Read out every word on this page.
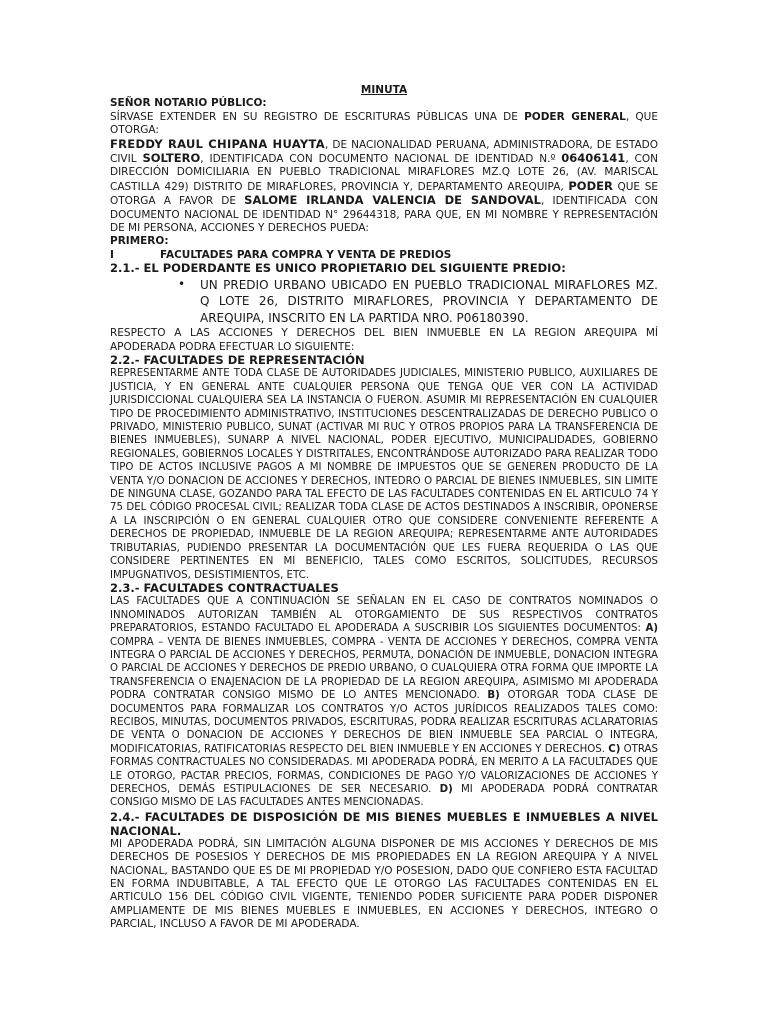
MINUTA

SEÑOR NOTARIO PÚBLICO:

SÍRVASE EXTENDER EN SU REGISTRO DE ESCRITURAS PÚBLICAS UNA DE PODER GENERAL, QUE OTORGA:

FREDDY RAUL CHIPANA HUAYTA, DE NACIONALIDAD PERUANA, ADMINISTRADORA, DE ESTADO CIVIL SOLTERO, IDENTIFICADA CON DOCUMENTO NACIONAL DE IDENTIDAD N.º 06406141, CON DIRECCIÓN DOMICILIARIA EN PUEBLO TRADICIONAL MIRAFLORES MZ.Q LOTE 26, (AV. MARISCAL CASTILLA 429) DISTRITO DE MIRAFLORES, PROVINCIA Y, DEPARTAMENTO AREQUIPA, PODER QUE SE OTORGA A FAVOR DE SALOME IRLANDA VALENCIA DE SANDOVAL, IDENTIFICADA CON DOCUMENTO NACIONAL DE IDENTIDAD N° 29644318, PARA QUE, EN MI NOMBRE Y REPRESENTACIÓN DE MI PERSONA, ACCIONES Y DERECHOS PUEDA:

PRIMERO:

I	FACULTADES PARA COMPRA Y VENTA DE PREDIOS

2.1.- EL PODERDANTE ES UNICO PROPIETARIO DEL SIGUIENTE PREDIO:

•	UN PREDIO URBANO UBICADO EN PUEBLO TRADICIONAL MIRAFLORES MZ. Q LOTE 26, DISTRITO MIRAFLORES, PROVINCIA Y DEPARTAMENTO DE AREQUIPA, INSCRITO EN LA PARTIDA NRO. P06180390.

RESPECTO A LAS ACCIONES Y DERECHOS DEL BIEN INMUEBLE EN LA REGION AREQUIPA MÍ APODERADA PODRA EFECTUAR LO SIGUIENTE:

2.2.- FACULTADES DE REPRESENTACIÓN

REPRESENTARME ANTE TODA CLASE DE AUTORIDADES JUDICIALES, MINISTERIO PUBLICO, AUXILIARES DE JUSTICIA, Y EN GENERAL ANTE CUALQUIER PERSONA QUE TENGA QUE VER CON LA ACTIVIDAD JURISDICCIONAL CUALQUIERA SEA LA INSTANCIA O FUERON. ASUMIR MI REPRESENTACIÓN EN CUALQUIER TIPO DE PROCEDIMIENTO ADMINISTRATIVO, INSTITUCIONES DESCENTRALIZADAS DE DERECHO PUBLICO O PRIVADO, MINISTERIO PUBLICO, SUNAT (ACTIVAR MI RUC Y OTROS PROPIOS PARA LA TRANSFERENCIA DE BIENES INMUEBLES), SUNARP A NIVEL NACIONAL, PODER EJECUTIVO, MUNICIPALIDADES, GOBIERNO REGIONALES, GOBIERNOS LOCALES Y DISTRITALES, ENCONTRÁNDOSE AUTORIZADO PARA REALIZAR TODO TIPO DE ACTOS INCLUSIVE PAGOS A MI NOMBRE DE IMPUESTOS QUE SE GENEREN PRODUCTO DE LA VENTA Y/O DONACION DE ACCIONES Y DERECHOS, INTEDRO O PARCIAL DE BIENES INMUEBLES, SIN LIMITE DE NINGUNA CLASE, GOZANDO PARA TAL EFECTO DE LAS FACULTADES CONTENIDAS EN EL ARTICULO 74 Y 75 DEL CÓDIGO PROCESAL CIVIL; REALIZAR TODA CLASE DE ACTOS DESTINADOS A INSCRIBIR, OPONERSE A LA INSCRIPCIÓN O EN GENERAL CUALQUIER OTRO QUE CONSIDERE CONVENIENTE REFERENTE A DERECHOS DE PROPIEDAD, INMUEBLE DE LA REGION AREQUIPA; REPRESENTARME ANTE AUTORIDADES TRIBUTARIAS, PUDIENDO PRESENTAR LA DOCUMENTACIÓN QUE LES FUERA REQUERIDA O LAS QUE CONSIDERE PERTINENTES EN MI BENEFICIO, TALES COMO ESCRITOS, SOLICITUDES, RECURSOS IMPUGNATIVOS, DESISTIMIENTOS, ETC.

2.3.- FACULTADES CONTRACTUALES

LAS FACULTADES QUE A CONTINUACIÓN SE SEÑALAN EN EL CASO DE CONTRATOS NOMINADOS O INNOMINADOS AUTORIZAN TAMBIÉN AL OTORGAMIENTO DE SUS RESPECTIVOS CONTRATOS PREPARATORIOS, ESTANDO FACULTADO EL APODERADA A SUSCRIBIR LOS SIGUIENTES DOCUMENTOS: A) COMPRA – VENTA DE BIENES INMUEBLES, COMPRA - VENTA DE ACCIONES Y DERECHOS, COMPRA VENTA INTEGRA O PARCIAL DE ACCIONES Y DERECHOS, PERMUTA, DONACIÓN DE INMUEBLE, DONACION INTEGRA O PARCIAL DE ACCIONES Y DERECHOS DE PREDIO URBANO, O CUALQUIERA OTRA FORMA QUE IMPORTE LA TRANSFERENCIA O ENAJENACION DE LA PROPIEDAD DE LA REGION AREQUIPA, ASIMISMO MI APODERADA PODRA CONTRATAR CONSIGO MISMO DE LO ANTES MENCIONADO. B) OTORGAR TODA CLASE DE DOCUMENTOS PARA FORMALIZAR LOS CONTRATOS Y/O ACTOS JURÍDICOS REALIZADOS TALES COMO: RECIBOS, MINUTAS, DOCUMENTOS PRIVADOS, ESCRITURAS, PODRA REALIZAR ESCRITURAS ACLARATORIAS DE VENTA O DONACION DE ACCIONES Y DERECHOS DE BIEN INMUEBLE SEA PARCIAL O INTEGRA, MODIFICATORIAS, RATIFICATORIAS RESPECTO DEL BIEN INMUEBLE Y EN ACCIONES Y DERECHOS. C) OTRAS FORMAS CONTRACTUALES NO CONSIDERADAS. MI APODERADA PODRÁ, EN MERITO A LA FACULTADES QUE LE OTORGO, PACTAR PRECIOS, FORMAS, CONDICIONES DE PAGO Y/O VALORIZACIONES DE ACCIONES Y DERECHOS, DEMÁS ESTIPULACIONES DE SER NECESARIO. D) MI APODERADA PODRÁ CONTRATAR CONSIGO MISMO DE LAS FACULTADES ANTES MENCIONADAS.

2.4.- FACULTADES DE DISPOSICIÓN DE MIS BIENES MUEBLES E INMUEBLES A NIVEL NACIONAL.

MI APODERADA PODRÁ, SIN LIMITACIÓN ALGUNA DISPONER DE MIS ACCIONES Y DERECHOS DE MIS DERECHOS DE POSESIOS Y DERECHOS DE MIS PROPIEDADES EN LA REGION AREQUIPA Y A NIVEL NACIONAL, BASTANDO QUE ES DE MI PROPIEDAD Y/O POSESION, DADO QUE CONFIERO ESTA FACULTAD EN FORMA INDUBITABLE, A TAL EFECTO QUE LE OTORGO LAS FACULTADES CONTENIDAS EN EL ARTICULO 156 DEL CÓDIGO CIVIL VIGENTE, TENIENDO PODER SUFICIENTE PARA PODER DISPONER AMPLIAMENTE DE MIS BIENES MUEBLES E INMUEBLES, EN ACCIONES Y DERECHOS, INTEGRO O PARCIAL, INCLUSO A FAVOR DE MI APODERADA.
